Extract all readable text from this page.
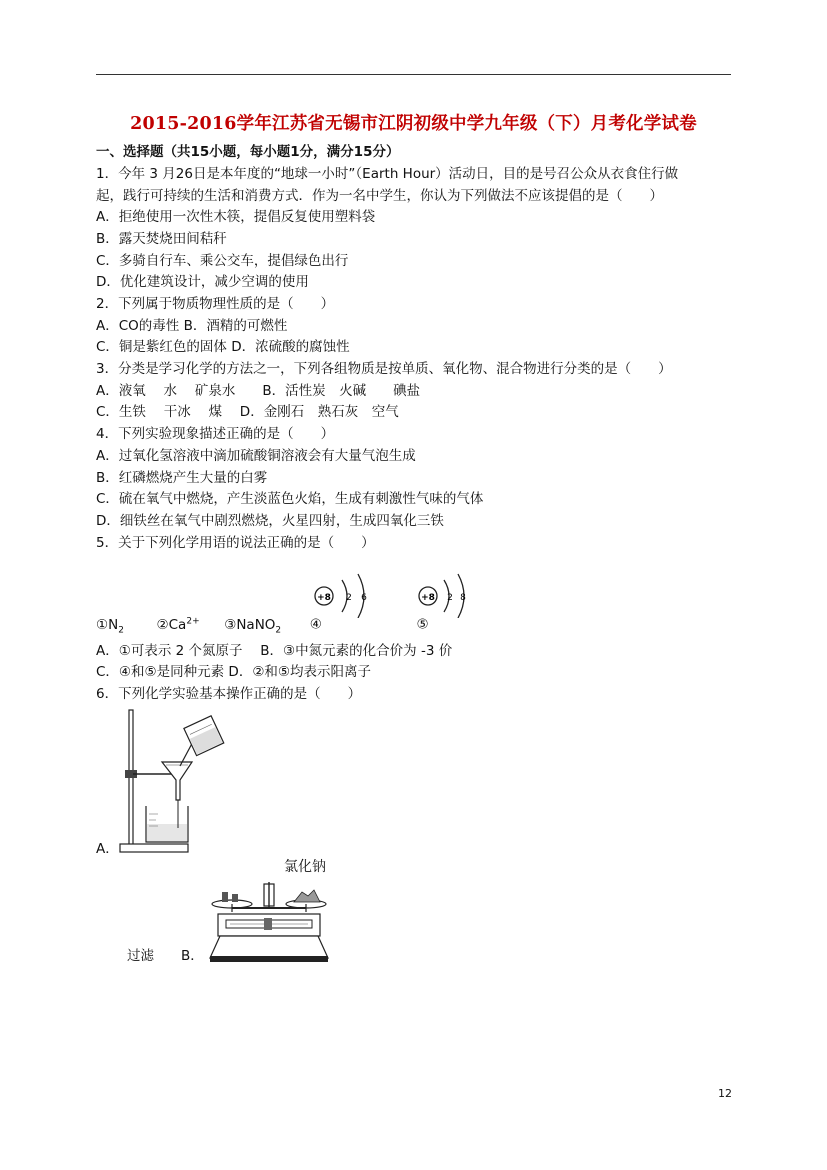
2015-2016学年江苏省无锡市江阴初级中学九年级（下）月考化学试卷
一、选择题（共15小题，每小题1分，满分15分）
1．今年 3 月26日是本年度的“地球一小时”（Earth Hour）活动日，目的是号召公众从衣食住行做
起，践行可持续的生活和消费方式．作为一名中学生，你认为下列做法不应该提倡的是（　　）
A．拒绝使用一次性木筷，提倡反复使用塑料袋
B．露天焚烧田间秸秆
C．多骑自行车、乘公交车，提倡绿色出行
D．优化建筑设计，减少空调的使用
2．下列属于物质物理性质的是（　　）
A．CO的毒性 B．酒精的可燃性
C．铜是紫红色的固体 D．浓硫酸的腐蚀性
3．分类是学习化学的方法之一，下列各组物质是按单质、氧化物、混合物进行分类的是（　　）
A．液氧　 水　 矿泉水　　B．活性炭　火碱　　碘盐
C．生铁　 干冰　 煤　 D．金刚石　熟石灰　空气
4．下列实验现象描述正确的是（　　）
A．过氧化氢溶液中滴加硫酸铜溶液会有大量气泡生成
B．红磷燃烧产生大量的白雾
C．硫在氧气中燃烧，产生淡蓝色火焰，生成有刺激性气味的气体
D．细铁丝在氧气中剧烈燃烧，火星四射，生成四氧化三铁
5．关于下列化学用语的说法正确的是（　　）
+8 2 6	+8 2 8
$①N_2$ $②Ca^{2+}$ ③NaNO$_2$ ④	⑤
A．①可表示 2 个氮原子　 B．③中氮元素的化合价为 -3 价
C．④和⑤是同种元素 D．②和⑤均表示阳离子
6．下列化学实验基本操作正确的是（　　）
A．
氯化钠
过滤　　B．
12
